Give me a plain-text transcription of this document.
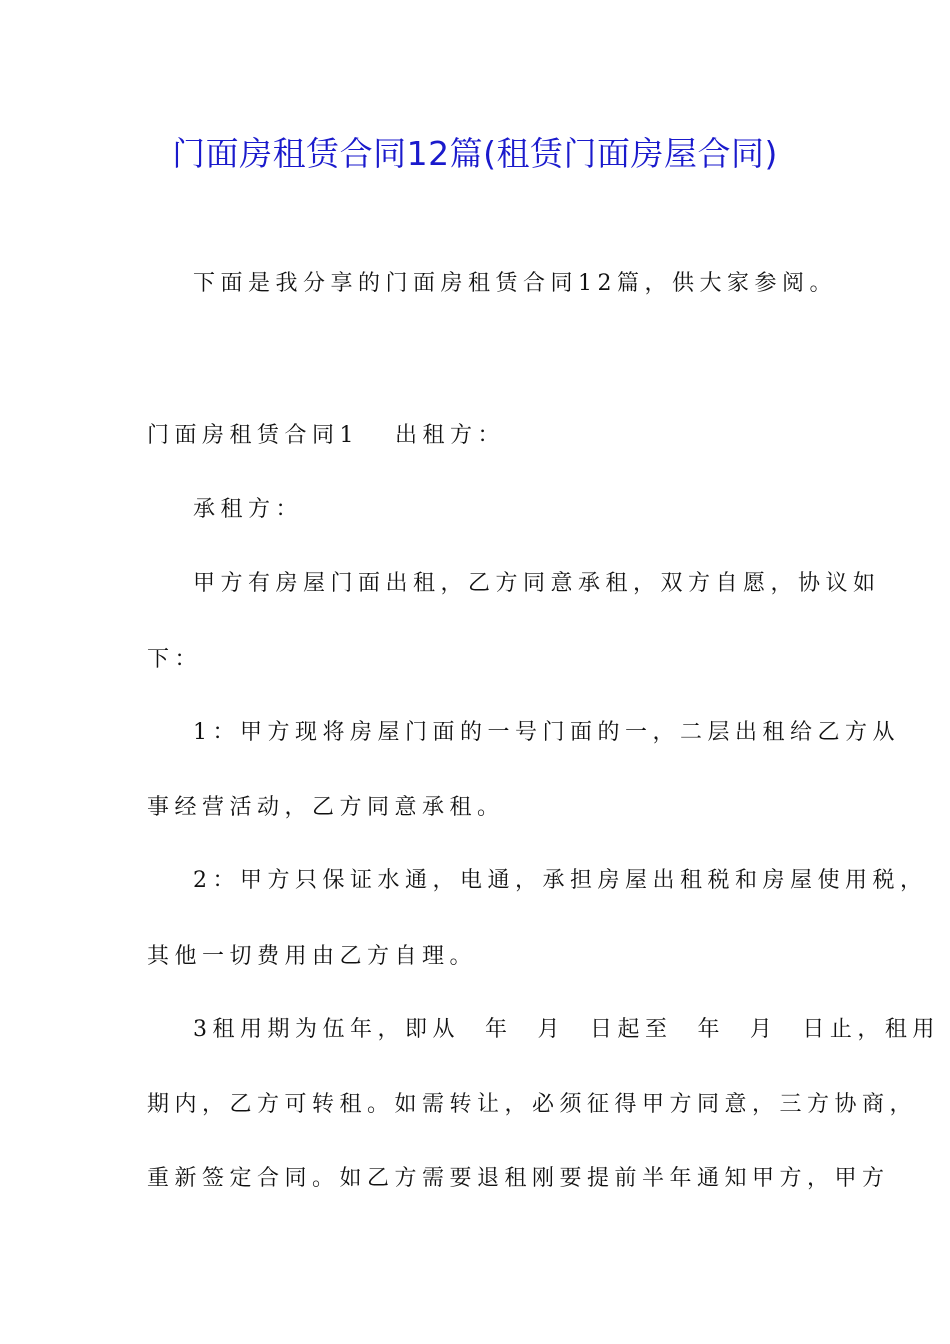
门面房租赁合同12篇(租赁门面房屋合同)
下面是我分享的门面房租赁合同12篇，供大家参阅。
门面房租赁合同1 出租方：
承租方：
甲方有房屋门面出租，乙方同意承租，双方自愿，协议如
下：
1：甲方现将房屋门面的一号门面的一，二层出租给乙方从
事经营活动，乙方同意承租。
2：甲方只保证水通，电通，承担房屋出租税和房屋使用税，
其他一切费用由乙方自理。
3租用期为伍年，即从  年  月  日起至  年  月  日止，租用
期内，乙方可转租。如需转让，必须征得甲方同意，三方协商，
重新签定合同。如乙方需要退租刚要提前半年通知甲方，甲方
